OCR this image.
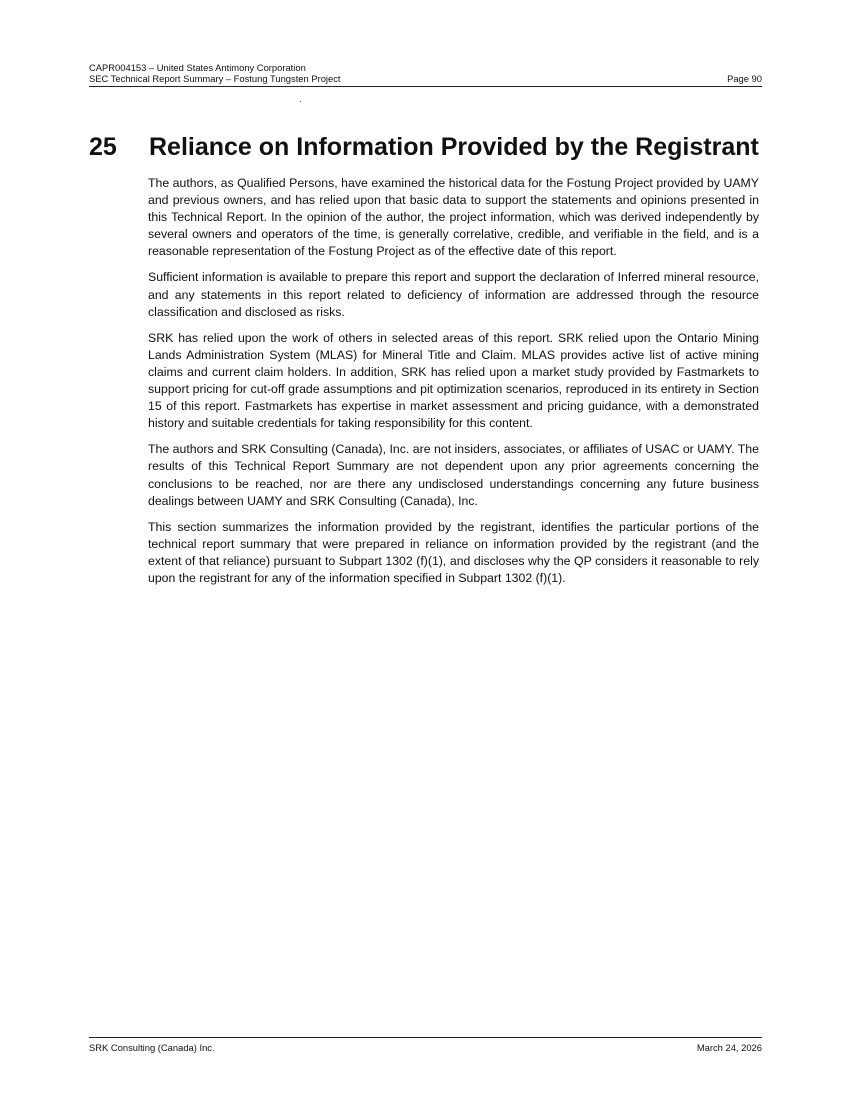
CAPR004153 – United States Antimony Corporation
SEC Technical Report Summary – Fostung Tungsten Project	Page 90
25 Reliance on Information Provided by the Registrant

The authors, as Qualified Persons, have examined the historical data for the Fostung Project provided by UAMY and previous owners, and has relied upon that basic data to support the statements and opinions presented in this Technical Report. In the opinion of the author, the project information, which was derived independently by several owners and operators of the time, is generally correlative, credible, and verifiable in the field, and is a reasonable representation of the Fostung Project as of the effective date of this report.

Sufficient information is available to prepare this report and support the declaration of Inferred mineral resource, and any statements in this report related to deficiency of information are addressed through the resource classification and disclosed as risks.

SRK has relied upon the work of others in selected areas of this report. SRK relied upon the Ontario Mining Lands Administration System (MLAS) for Mineral Title and Claim. MLAS provides active list of active mining claims and current claim holders. In addition, SRK has relied upon a market study provided by Fastmarkets to support pricing for cut-off grade assumptions and pit optimization scenarios, reproduced in its entirety in Section 15 of this report. Fastmarkets has expertise in market assessment and pricing guidance, with a demonstrated history and suitable credentials for taking responsibility for this content.

The authors and SRK Consulting (Canada), Inc. are not insiders, associates, or affiliates of USAC or UAMY. The results of this Technical Report Summary are not dependent upon any prior agreements concerning the conclusions to be reached, nor are there any undisclosed understandings concerning any future business dealings between UAMY and SRK Consulting (Canada), Inc.

This section summarizes the information provided by the registrant, identifies the particular portions of the technical report summary that were prepared in reliance on information provided by the registrant (and the extent of that reliance) pursuant to Subpart 1302 (f)(1), and discloses why the QP considers it reasonable to rely upon the registrant for any of the information specified in Subpart 1302 (f)(1).

SRK Consulting (Canada) Inc.	March 24, 2026
